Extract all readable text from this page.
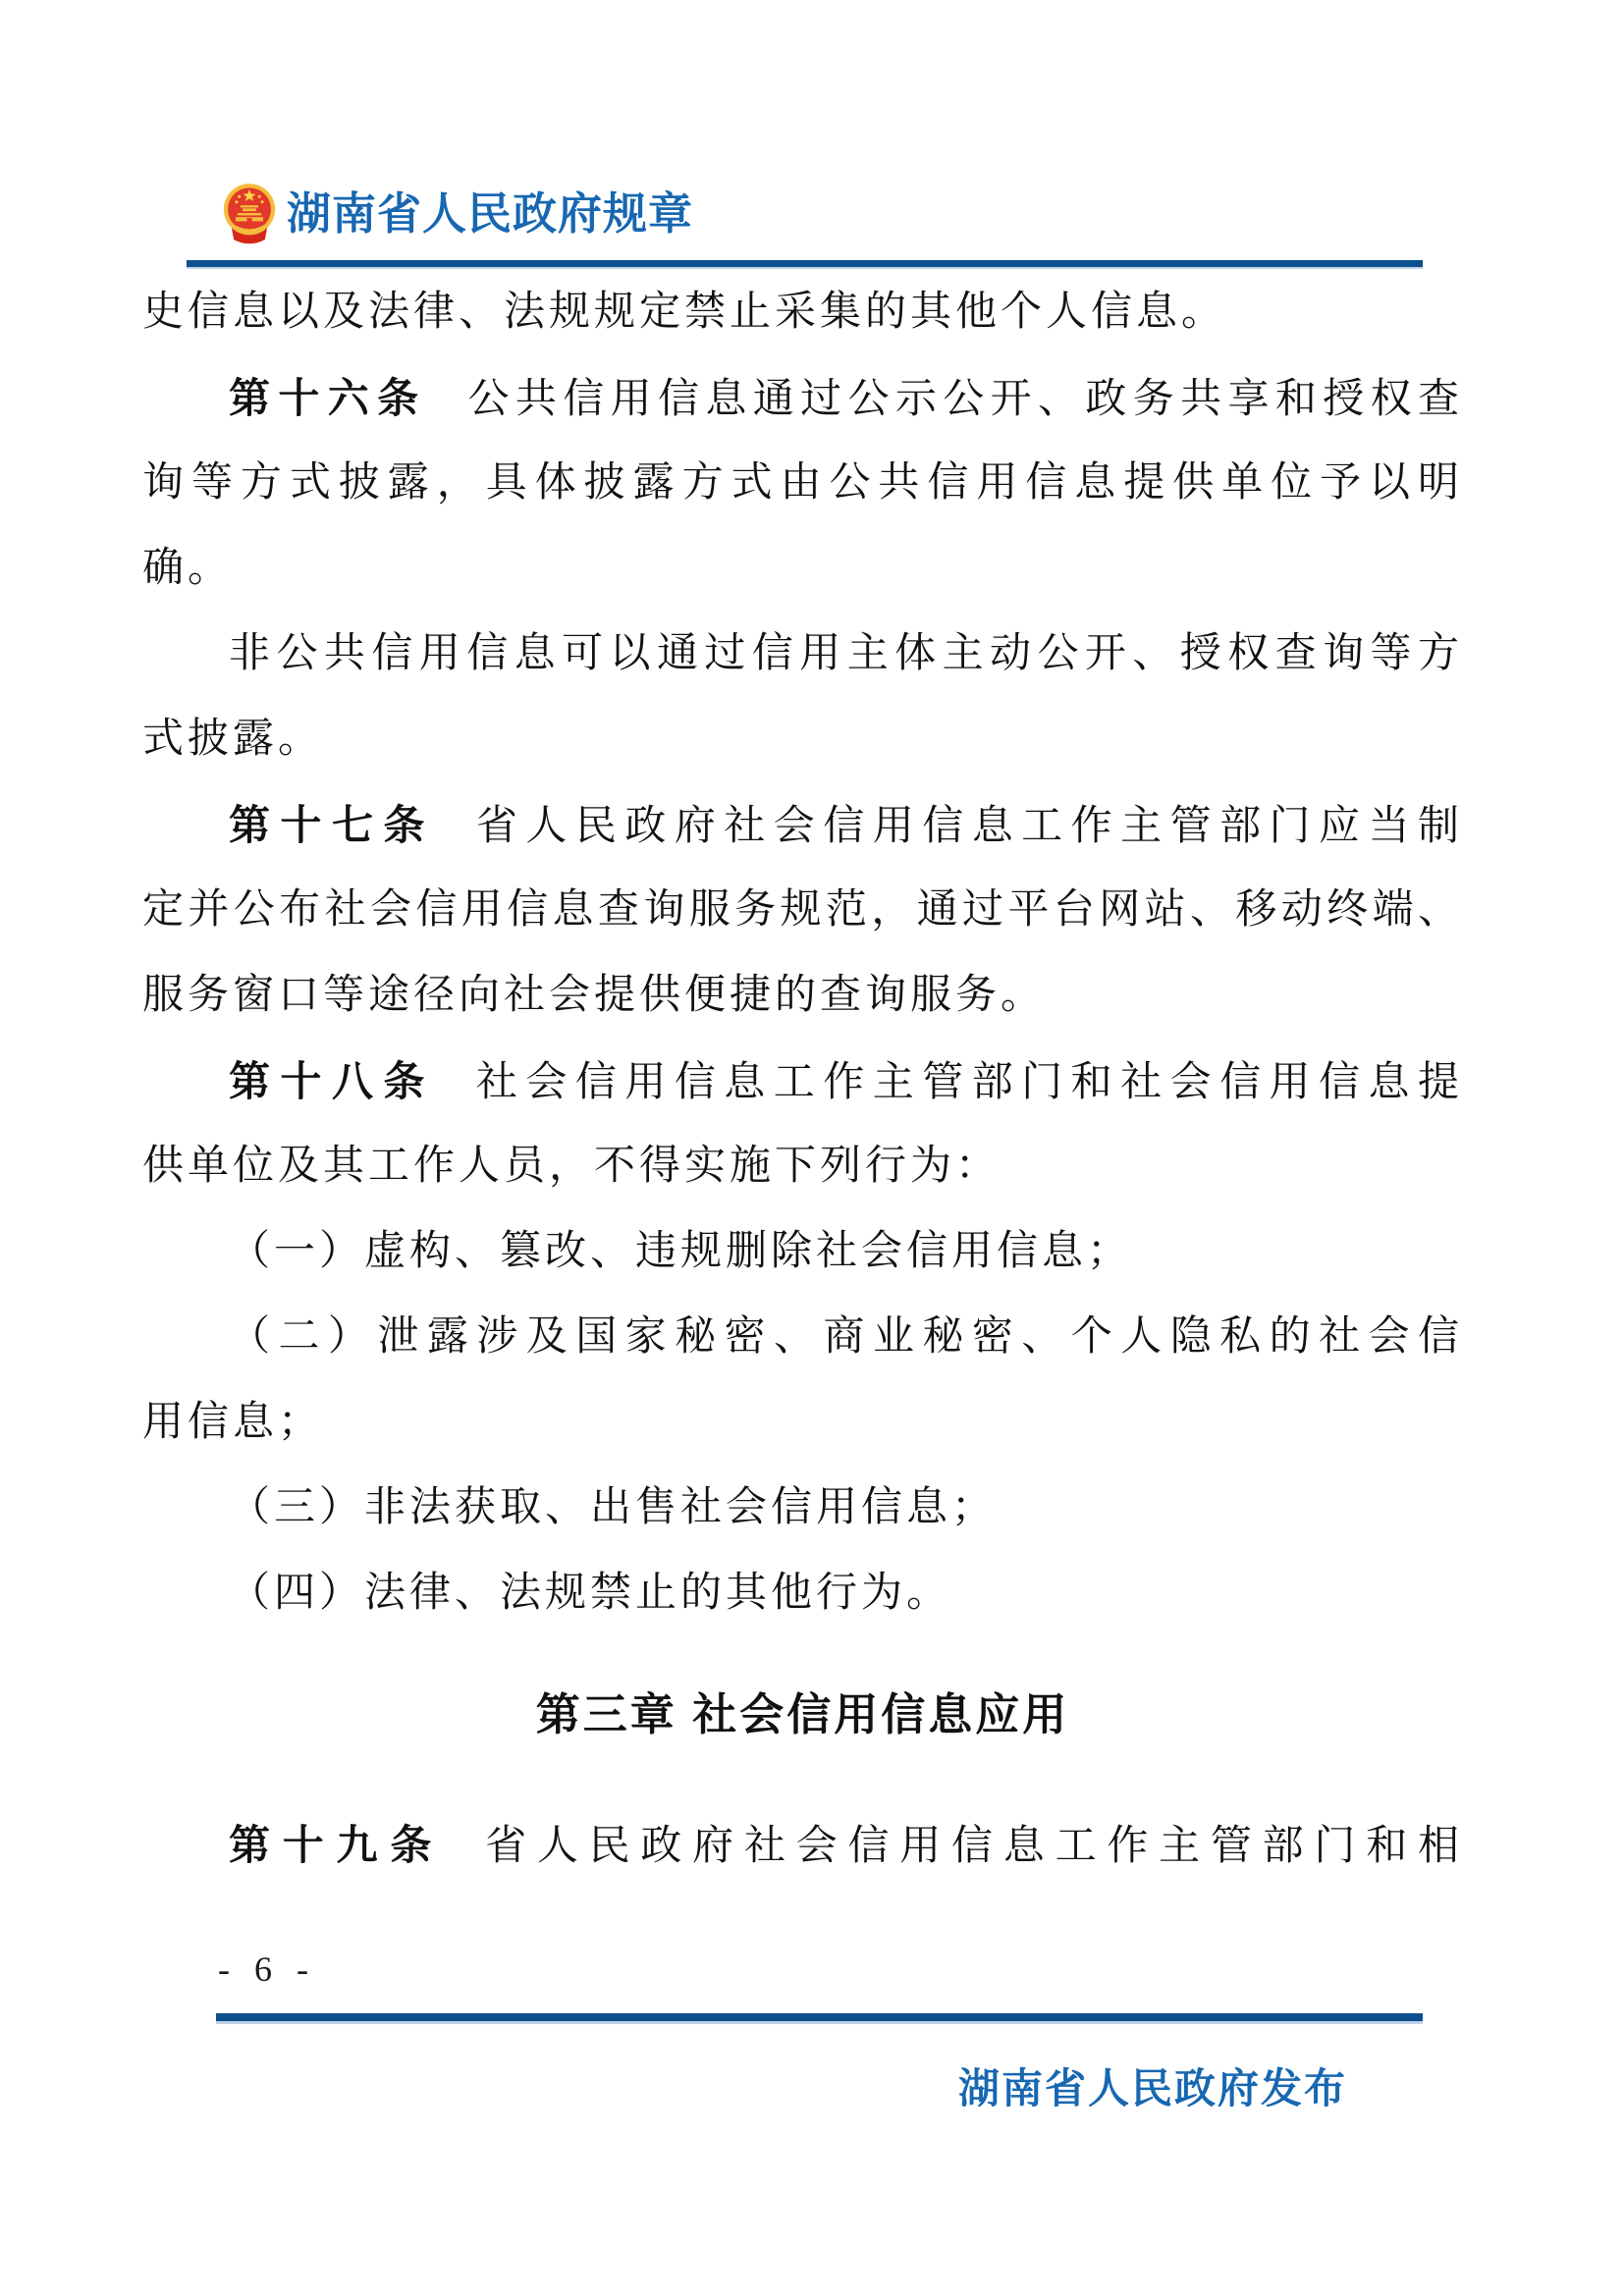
湖南省人民政府规章
史信息以及法律、法规规定禁止采集的其他个人信息。
第十六条 公共信用信息通过公示公开、政务共享和授权查
询等方式披露，具体披露方式由公共信用信息提供单位予以明
确。
非公共信用信息可以通过信用主体主动公开、授权查询等方
式披露。
第十七条 省人民政府社会信用信息工作主管部门应当制
定并公布社会信用信息查询服务规范，通过平台网站、移动终端、
服务窗口等途径向社会提供便捷的查询服务。
第十八条 社会信用信息工作主管部门和社会信用信息提
供单位及其工作人员，不得实施下列行为：
（一）虚构、篡改、违规删除社会信用信息；
（二）泄露涉及国家秘密、商业秘密、个人隐私的社会信
用信息；
（三）非法获取、出售社会信用信息；
（四）法律、法规禁止的其他行为。
第三章 社会信用信息应用
第十九条 省人民政府社会信用信息工作主管部门和相
- 6 -
湖南省人民政府发布
